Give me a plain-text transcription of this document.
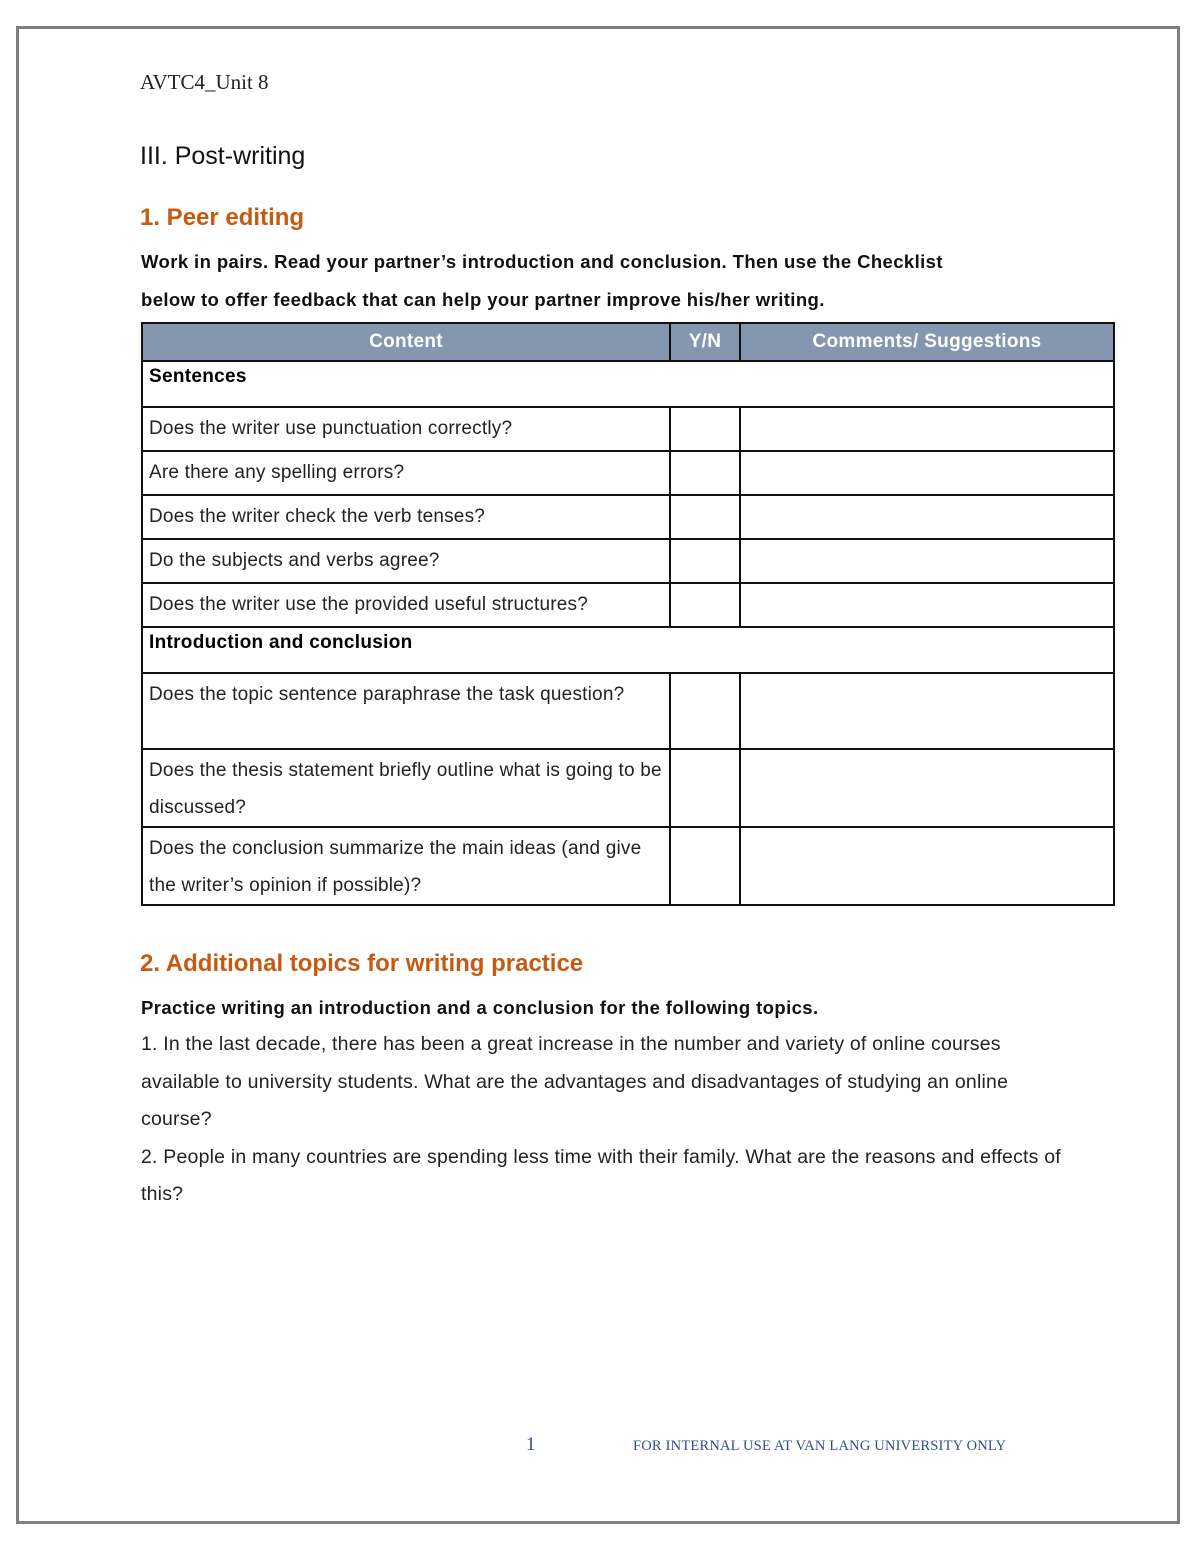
AVTC4_Unit 8
III. Post-writing
1. Peer editing
Work in pairs. Read your partner’s introduction and conclusion. Then use the Checklist
below to offer feedback that can help your partner improve his/her writing.
Content	Y/N	Comments/ Suggestions
Sentences		
Does the writer use punctuation correctly?		
Are there any spelling errors?		
Does the writer check the verb tenses?		
Do the subjects and verbs agree?		
Does the writer use the provided useful structures?		
Introduction and conclusion		
Does the topic sentence paraphrase the task question?		
Does the thesis statement briefly outline what is going to be discussed?		
Does the conclusion summarize the main ideas (and give the writer’s opinion if possible)?		
2. Additional topics for writing practice
Practice writing an introduction and a conclusion for the following topics.
1. In the last decade, there has been a great increase in the number and variety of online courses available to university students. What are the advantages and disadvantages of studying an online course?
2. People in many countries are spending less time with their family. What are the reasons and effects of this?
1	FOR INTERNAL USE AT VAN LANG UNIVERSITY ONLY
